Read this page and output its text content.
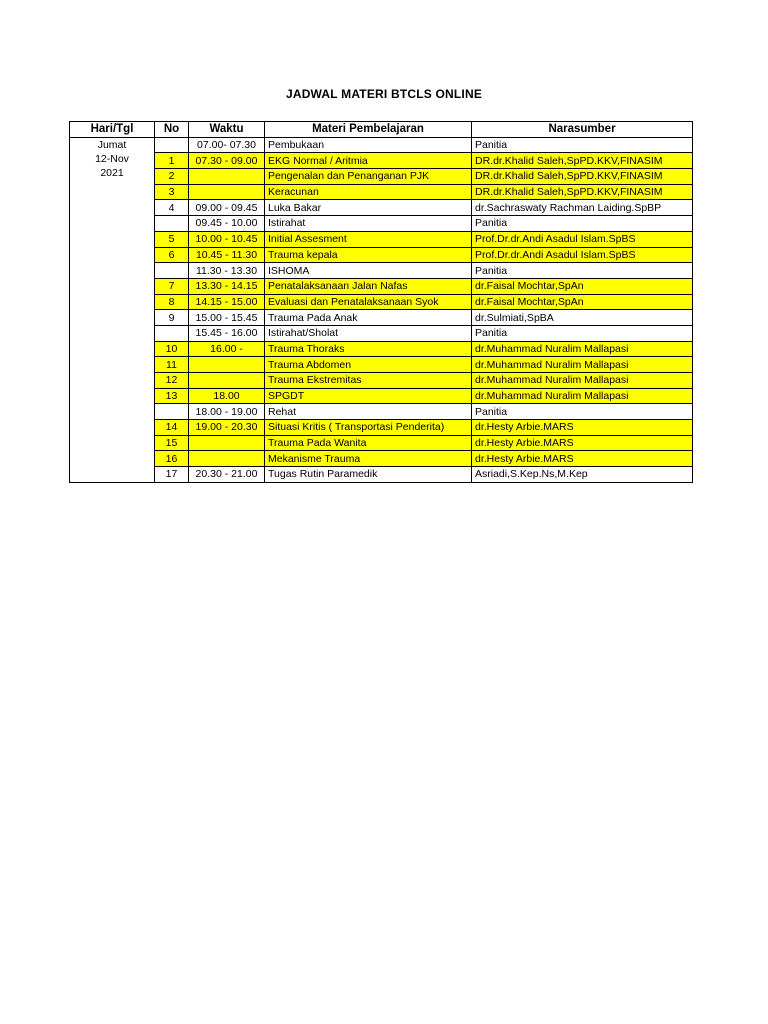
JADWAL MATERI BTCLS ONLINE
Hari/Tgl	No	Waktu	Materi Pembelajaran	Narasumber

Jumat
12-Nov
2021		07.00- 07.30	Pembukaan	Panitia
	1	07.30 - 09.00	EKG Normal / Aritmia	DR.dr.Khalid Saleh,SpPD.KKV,FINASIM
	2		Pengenalan dan Penanganan PJK	DR.dr.Khalid Saleh,SpPD.KKV,FINASIM
	3		Keracunan	DR.dr.Khalid Saleh,SpPD.KKV,FINASIM
	4	09.00 - 09.45	Luka Bakar	dr.Sachraswaty Rachman Laiding.SpBP
		09.45 - 10.00	Istirahat	Panitia
	5	10.00 - 10.45	Initial Assesment	Prof.Dr.dr.Andi Asadul Islam.SpBS
	6	10.45 - 11.30	Trauma kepala	Prof.Dr.dr.Andi Asadul Islam.SpBS
		11.30 - 13.30	ISHOMA	Panitia
	7	13.30 - 14.15	Penatalaksanaan Jalan Nafas	dr.Faisal Mochtar,SpAn
	8	14.15 - 15.00	Evaluasi dan Penatalaksanaan Syok	dr.Faisal Mochtar,SpAn
	9	15.00 - 15.45	Trauma Pada Anak	dr.Sulmiati,SpBA
		15.45 - 16.00	Istirahat/Sholat	Panitia
	10	16.00 -	Trauma Thoraks	dr.Muhammad Nuralim Mallapasi
	11		Trauma Abdomen	dr.Muhammad Nuralim Mallapasi
	12		Trauma Ekstremitas	dr.Muhammad Nuralim Mallapasi
	13	18.00	SPGDT	dr.Muhammad Nuralim Mallapasi
		18.00 - 19.00	Rehat	Panitia
	14	19.00 - 20.30	Situasi Kritis ( Transportasi Penderita)	dr.Hesty Arbie.MARS
	15		Trauma Pada Wanita	dr.Hesty Arbie.MARS
	16		Mekanisme Trauma	dr.Hesty Arbie.MARS
	17	20.30 - 21.00	Tugas Rutin Paramedik	Asriadi,S.Kep.Ns,M.Kep
